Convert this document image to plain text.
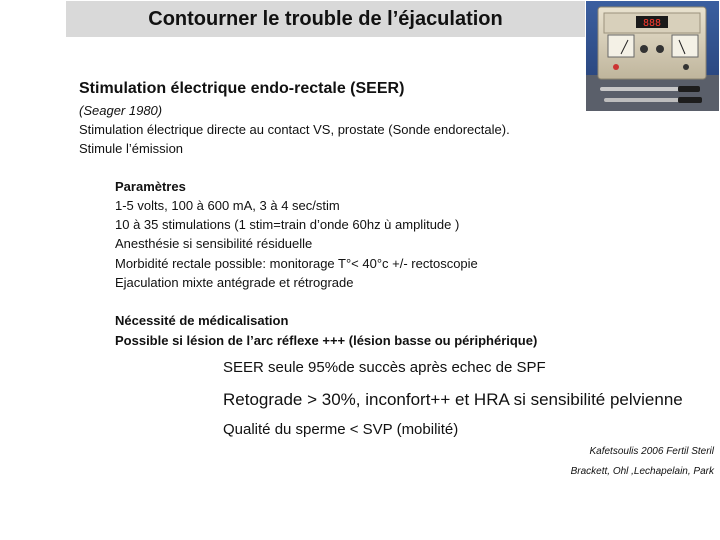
Contourner le trouble de l’éjaculation	888
Stimulation électrique endo-rectale (SEER)
(Seager 1980)
Stimulation électrique directe au contact VS, prostate (Sonde endorectale).
Stimule l’émission
Paramètres
1-5 volts, 100 à 600 mA, 3 à 4 sec/stim
10 à 35 stimulations (1 stim=train d’onde 60hz ù amplitude )
Anesthésie si sensibilité résiduelle
Morbidité rectale possible: monitorage T°< 40°c +/- rectoscopie
Ejaculation mixte antégrade et rétrograde
Nécessité de médicalisation
Possible si lésion de l’arc réflexe +++ (lésion basse ou périphérique)
SEER seule 95%de succès après echec de SPF
Retograde > 30%, inconfort++ et HRA si sensibilité pelvienne
Qualité du sperme < SVP (mobilité)
Kafetsoulis 2006 Fertil Steril
Brackett, Ohl ,Lechapelain, Park
